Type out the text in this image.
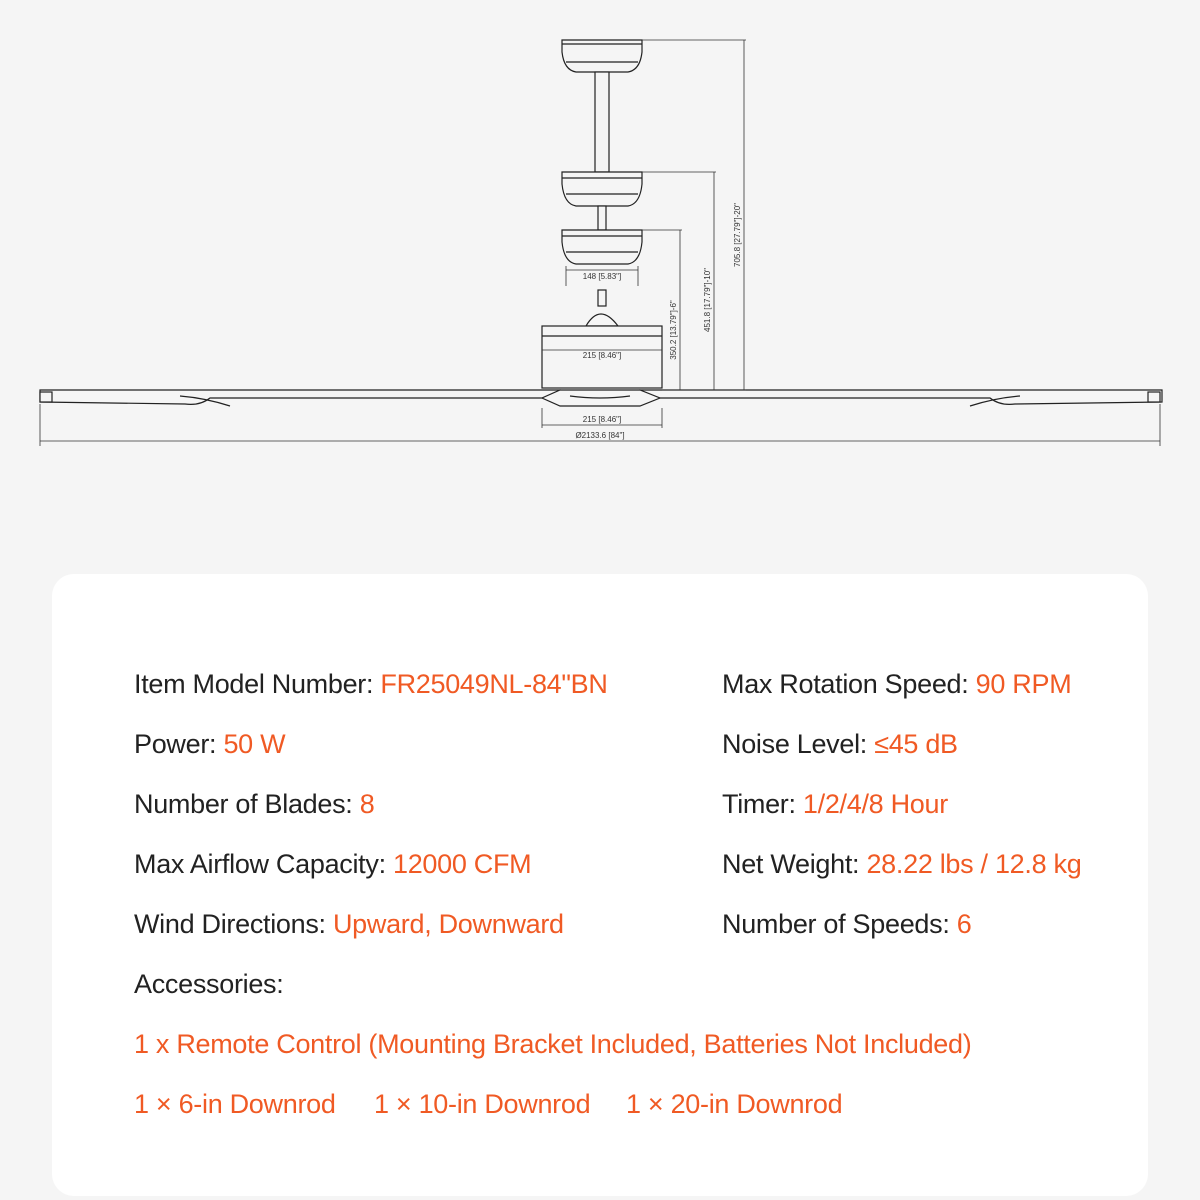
148 [5.83"]
215 [8.46"]
215 [8.46"]
Ø2133.6 [84"]
350.2 [13.79"]-6"	451.8 [17.79"]-10"
705.8 [27.79"]-20"
Item Model Number: FR25049NL-84"BN
Power: 50 W
Number of Blades: 8
Max Airflow Capacity: 12000 CFM
Wind Directions: Upward, Downward
Max Rotation Speed: 90 RPM
Noise Level: ≤45 dB
Timer: 1/2/4/8 Hour
Net Weight: 28.22 lbs / 12.8 kg
Number of Speeds: 6
Accessories:
1 x Remote Control (Mounting Bracket Included, Batteries Not Included)
1 × 6-in Downrod 1 × 10-in Downrod 1 × 20-in Downrod
